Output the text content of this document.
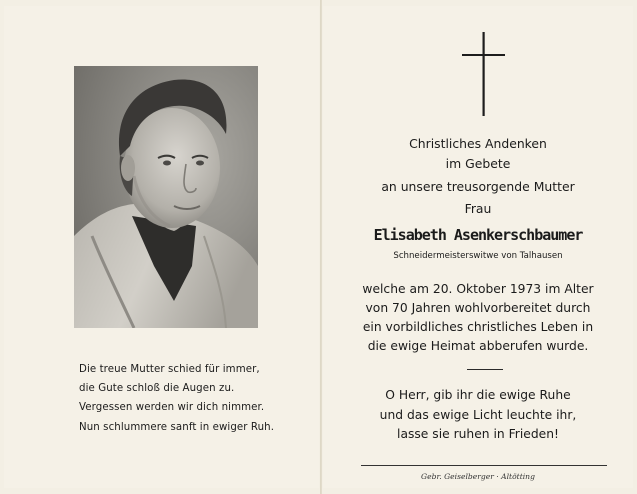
Die treue Mutter schied für immer,
die Gute schloß die Augen zu.
Vergessen werden wir dich nimmer.
Nun schlummere sanft in ewiger Ruh.
Christliches Andenken
im Gebete
an unsere treusorgende Mutter
Frau
Elisabeth Asenkerschbaumer
Schneidermeisterswitwe von Talhausen
welche am 20. Oktober 1973 im Alter
von 70 Jahren wohlvorbereitet durch
ein vorbildliches christliches Leben in
die ewige Heimat abberufen wurde.
O Herr, gib ihr die ewige Ruhe
und das ewige Licht leuchte ihr,
lasse sie ruhen in Frieden!
Gebr. Geiselberger · Altötting
